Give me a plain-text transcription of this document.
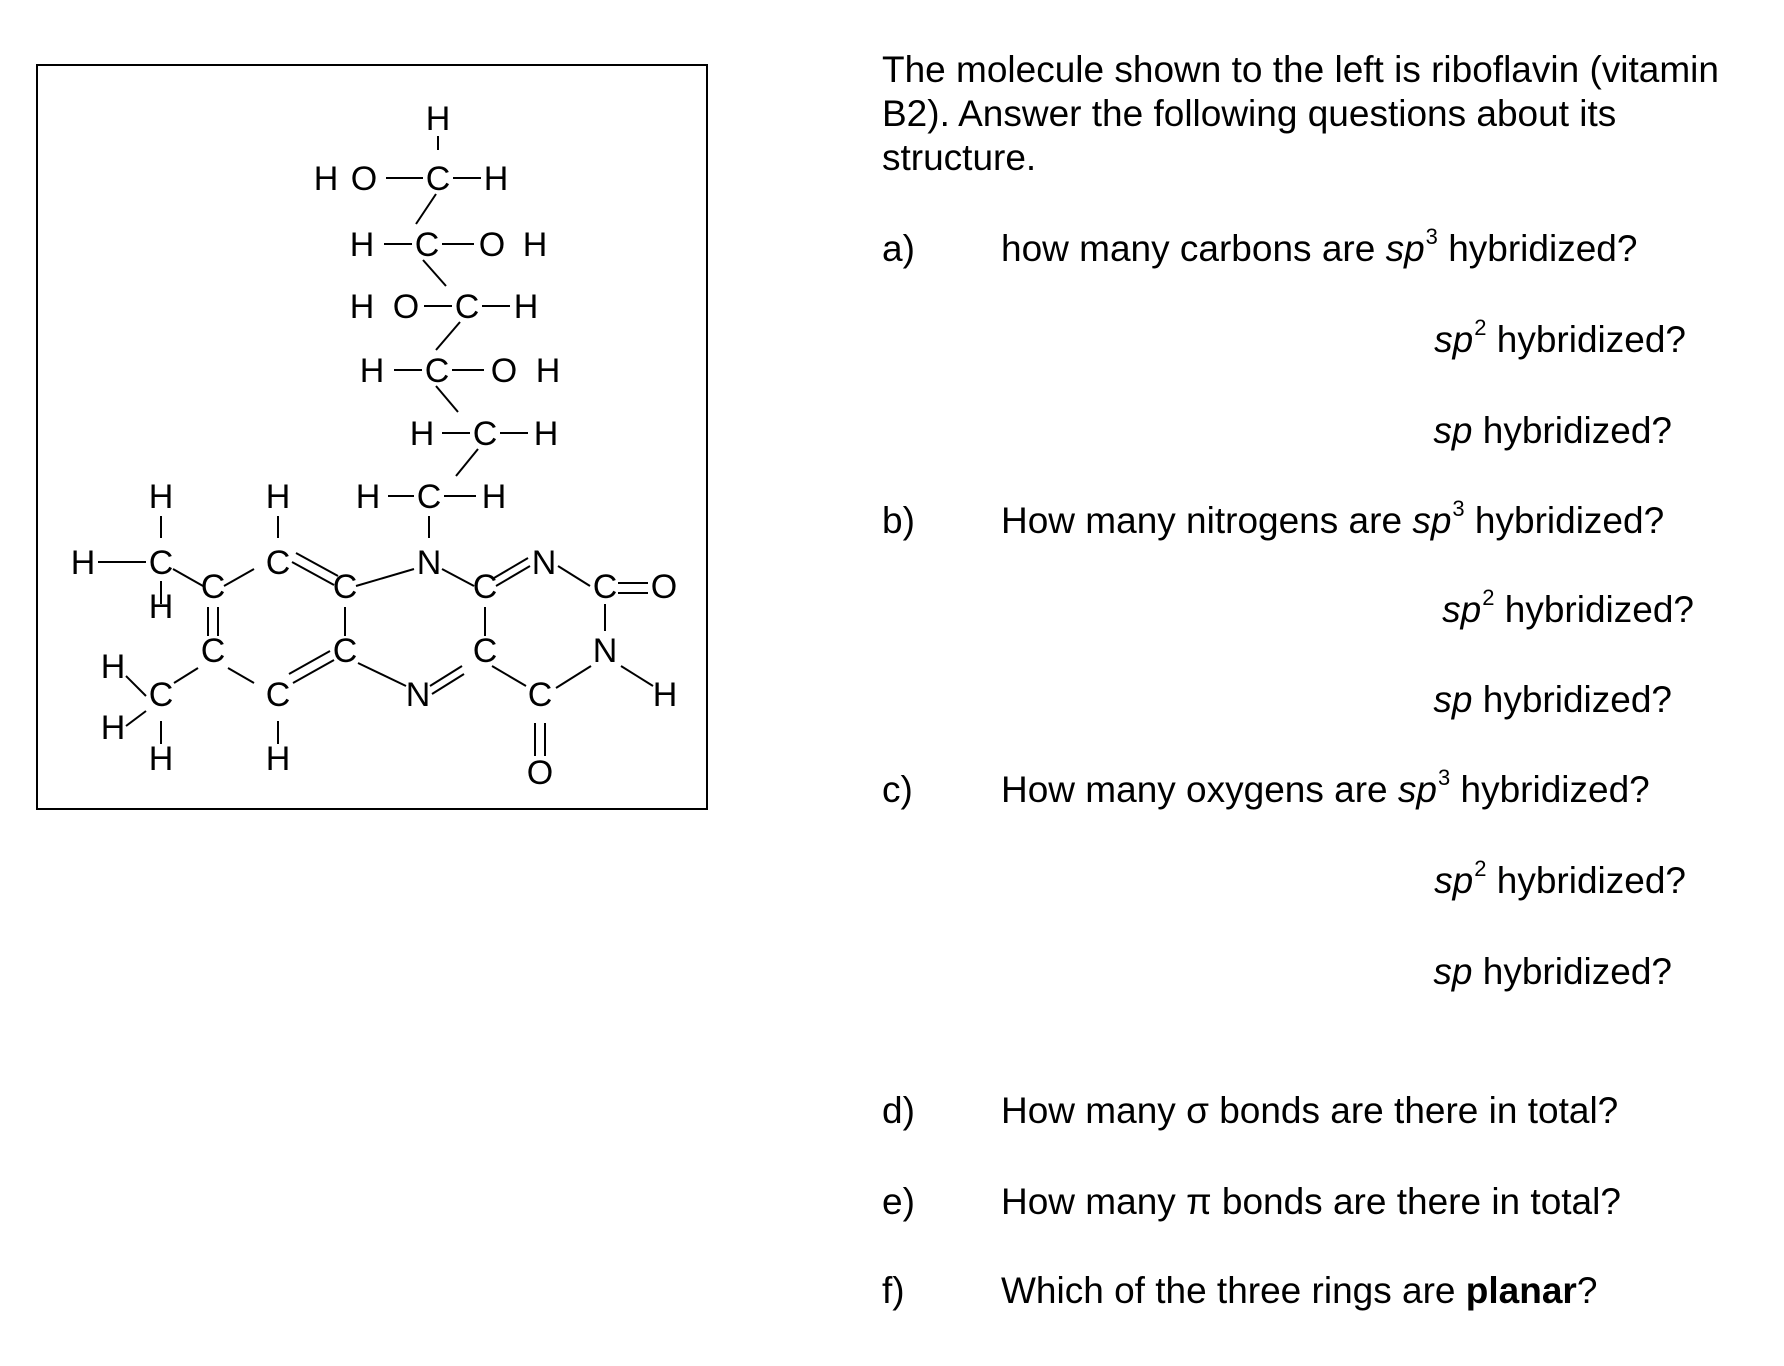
H
H O C H
H C O H
H O C H
H C O H
H C H
H	H H C H
H C	C	N	N
C	C	C	C O
H
C	C	C	N
H
C	C	N	C	H
H
H	H	O
The molecule shown to the left is riboflavin (vitamin B2). Answer the following questions about its structure.
a) how many carbons are $sp^3$ hybridized?
$sp^2$ hybridized?
sp hybridized?
b) How many nitrogens are $sp^3$ hybridized?
$sp^2$ hybridized?
sp hybridized?
c) How many oxygens are $sp^3$ hybridized?
$sp^2$ hybridized?
sp hybridized?
d) How many σ bonds are there in total?
e) How many π bonds are there in total?
f)	Which of the three rings are planar?
